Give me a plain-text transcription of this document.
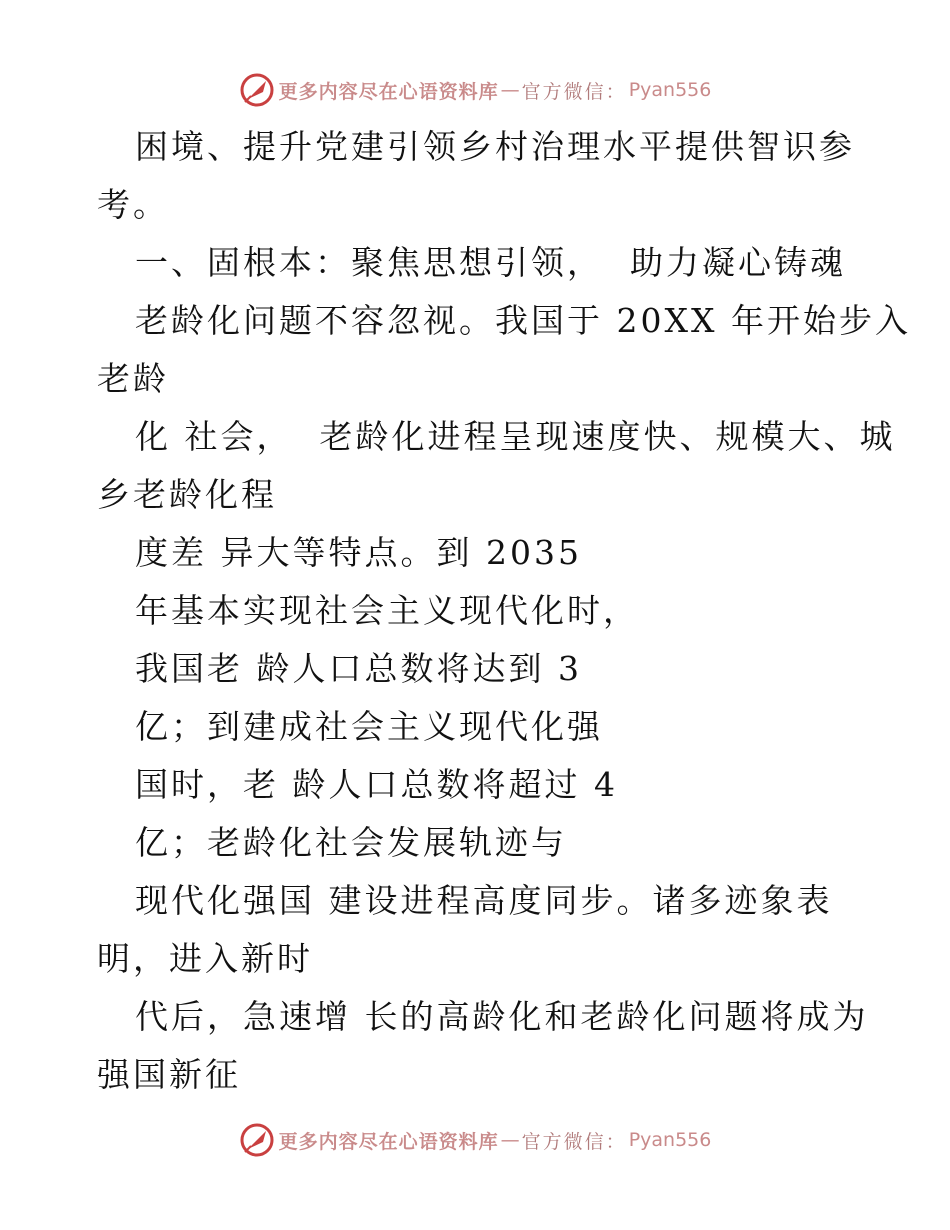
更多内容尽在心语资料库 — 官方微信： Pyan556
困境、提升党建引领乡村治理水平提供智识参
考。
一、固根本：聚焦思想引领，  助力凝心铸魂
老龄化问题不容忽视。我国于 20XX 年开始步入
老龄
化 社会，  老龄化进程呈现速度快、规模大、城
乡老龄化程
度差 异大等特点。到 2035
年基本实现社会主义现代化时，
我国老 龄人口总数将达到 3
亿；到建成社会主义现代化强
国时，老 龄人口总数将超过 4
亿；老龄化社会发展轨迹与
现代化强国 建设进程高度同步。诸多迹象表
明，进入新时
代后，急速增 长的高龄化和老龄化问题将成为
强国新征
更多内容尽在心语资料库 — 官方微信： Pyan556
